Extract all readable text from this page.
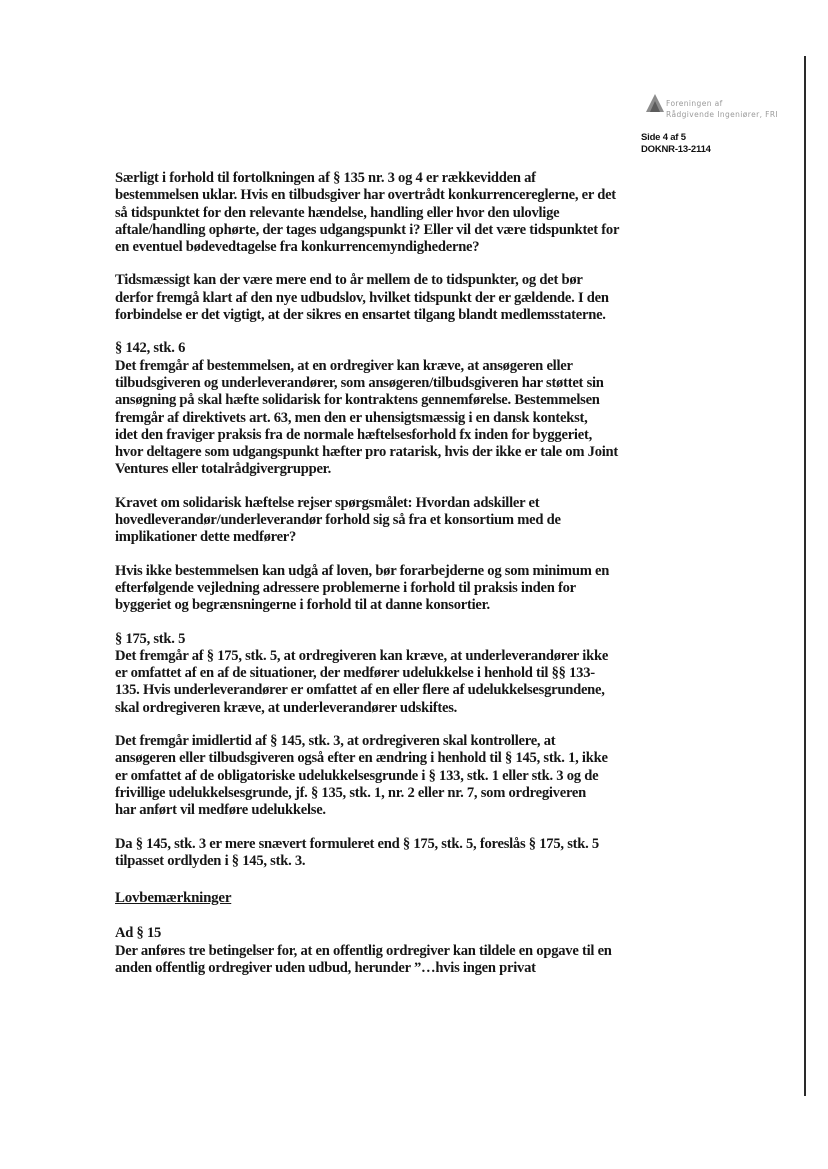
Foreningen af
Rådgivende Ingeniører, FRI
Side 4 af 5
DOKNR-13-2114
Særligt i forhold til fortolkningen af § 135 nr. 3 og 4 er rækkevidden af
bestemmelsen uklar. Hvis en tilbudsgiver har overtrådt konkurrencereglerne, er det
så tidspunktet for den relevante hændelse, handling eller hvor den ulovlige
aftale/handling ophørte, der tages udgangspunkt i? Eller vil det være tidspunktet for
en eventuel bødevedtagelse fra konkurrencemyndighederne?
Tidsmæssigt kan der være mere end to år mellem de to tidspunkter, og det bør
derfor fremgå klart af den nye udbudslov, hvilket tidspunkt der er gældende. I den
forbindelse er det vigtigt, at der sikres en ensartet tilgang blandt medlemsstaterne.
§ 142, stk. 6
Det fremgår af bestemmelsen, at en ordregiver kan kræve, at ansøgeren eller
tilbudsgiveren og underleverandører, som ansøgeren/tilbudsgiveren har støttet sin
ansøgning på skal hæfte solidarisk for kontraktens gennemførelse. Bestemmelsen
fremgår af direktivets art. 63, men den er uhensigtsmæssig i en dansk kontekst,
idet den fraviger praksis fra de normale hæftelsesforhold fx inden for byggeriet,
hvor deltagere som udgangspunkt hæfter pro ratarisk, hvis der ikke er tale om Joint
Ventures eller totalrådgivergrupper.
Kravet om solidarisk hæftelse rejser spørgsmålet: Hvordan adskiller et
hovedleverandør/underleverandør forhold sig så fra et konsortium med de
implikationer dette medfører?
Hvis ikke bestemmelsen kan udgå af loven, bør forarbejderne og som minimum en
efterfølgende vejledning adressere problemerne i forhold til praksis inden for
byggeriet og begrænsningerne i forhold til at danne konsortier.
§ 175, stk. 5
Det fremgår af § 175, stk. 5, at ordregiveren kan kræve, at underleverandører ikke
er omfattet af en af de situationer, der medfører udelukkelse i henhold til §§ 133-
135. Hvis underleverandører er omfattet af en eller flere af udelukkelsesgrundene,
skal ordregiveren kræve, at underleverandører udskiftes.
Det fremgår imidlertid af § 145, stk. 3, at ordregiveren skal kontrollere, at
ansøgeren eller tilbudsgiveren også efter en ændring i henhold til § 145, stk. 1, ikke
er omfattet af de obligatoriske udelukkelsesgrunde i § 133, stk. 1 eller stk. 3 og de
frivillige udelukkelsesgrunde, jf. § 135, stk. 1, nr. 2 eller nr. 7, som ordregiveren
har anført vil medføre udelukkelse.
Da § 145, stk. 3 er mere snævert formuleret end § 175, stk. 5, foreslås § 175, stk. 5
tilpasset ordlyden i § 145, stk. 3.
Lovbemærkninger
Ad § 15
Der anføres tre betingelser for, at en offentlig ordregiver kan tildele en opgave til en
anden offentlig ordregiver uden udbud, herunder ”…hvis ingen privat
